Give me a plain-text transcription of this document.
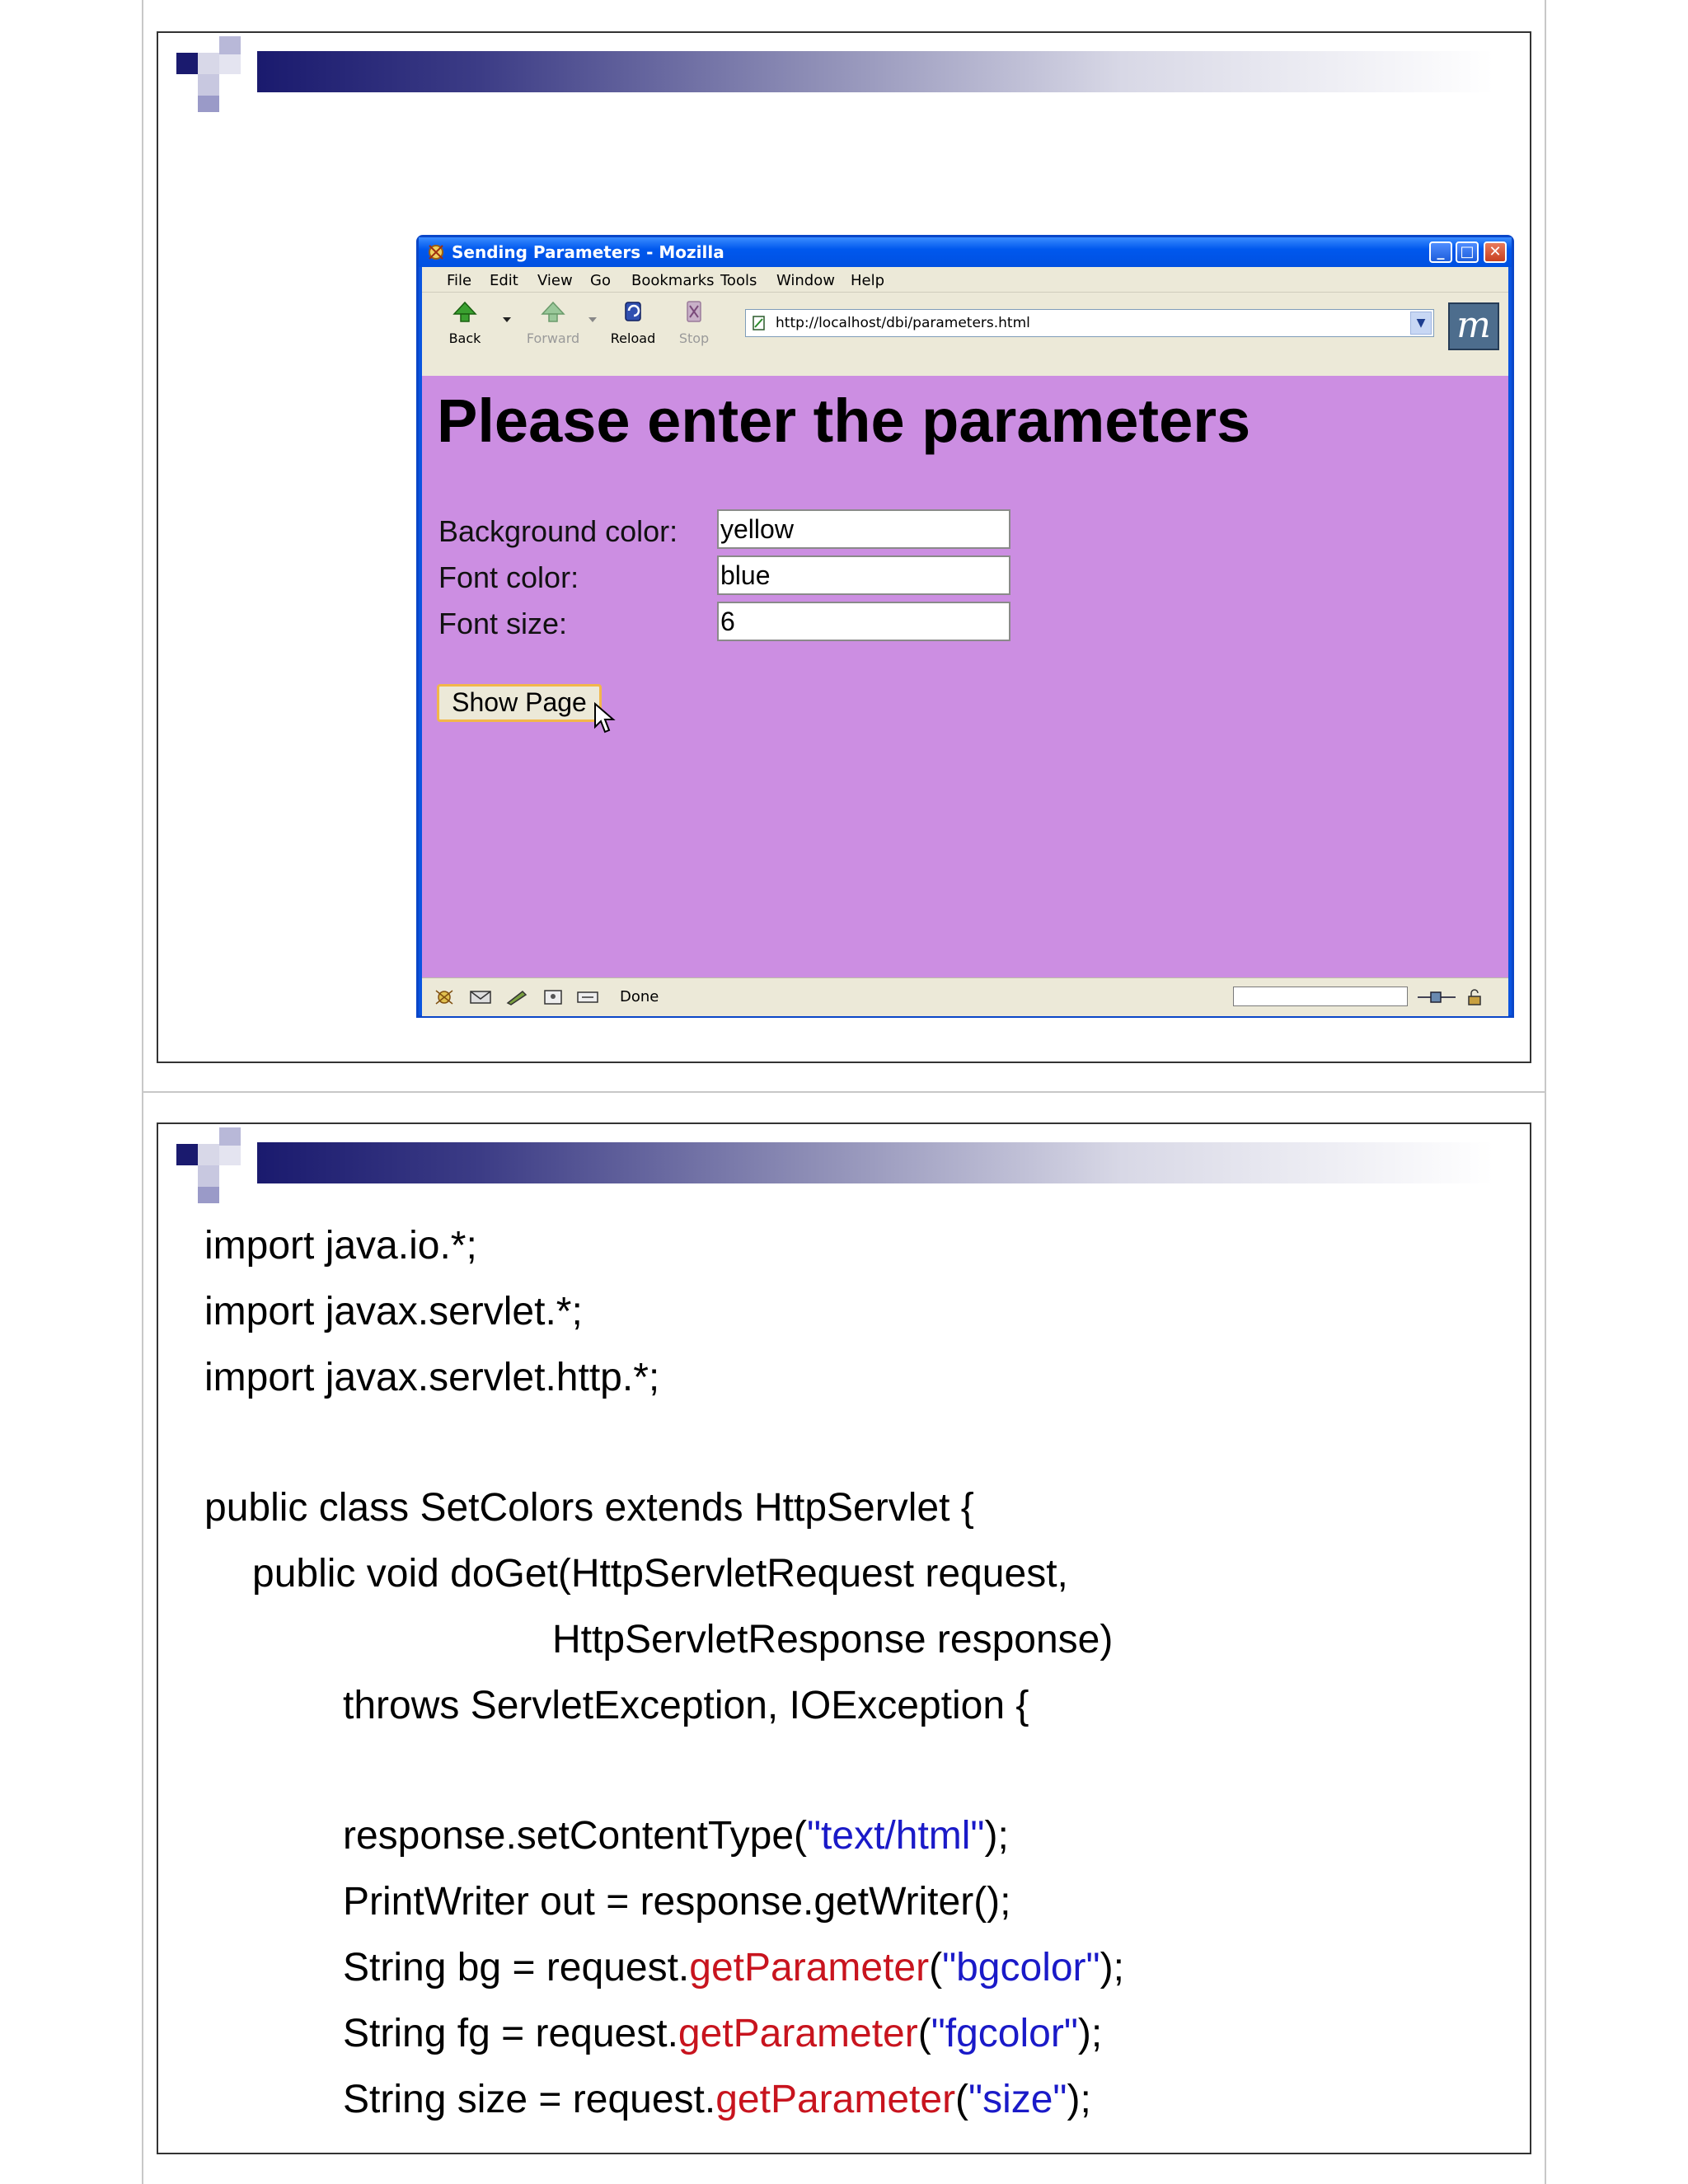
Sending Parameters - Mozilla	_	□ ✕
File Edit View Go Bookmarks Tools Window Help
Back	Forward Reload	Stop
http://localhost/dbi/parameters.html	▼ m
Please enter the parameters
Background color: yellow
Font color:	blue
Font size:	6
Show Page
Done
import java.io.*;
import javax.servlet.*;
import javax.servlet.http.*;
public class SetColors extends HttpServlet {
public void doGet(HttpServletRequest request,
HttpServletResponse response)
throws ServletException, IOException {
response.setContentType("text/html");
PrintWriter out = response.getWriter();
String bg = request.getParameter("bgcolor");
String fg = request.getParameter("fgcolor");
String size = request.getParameter("size");
